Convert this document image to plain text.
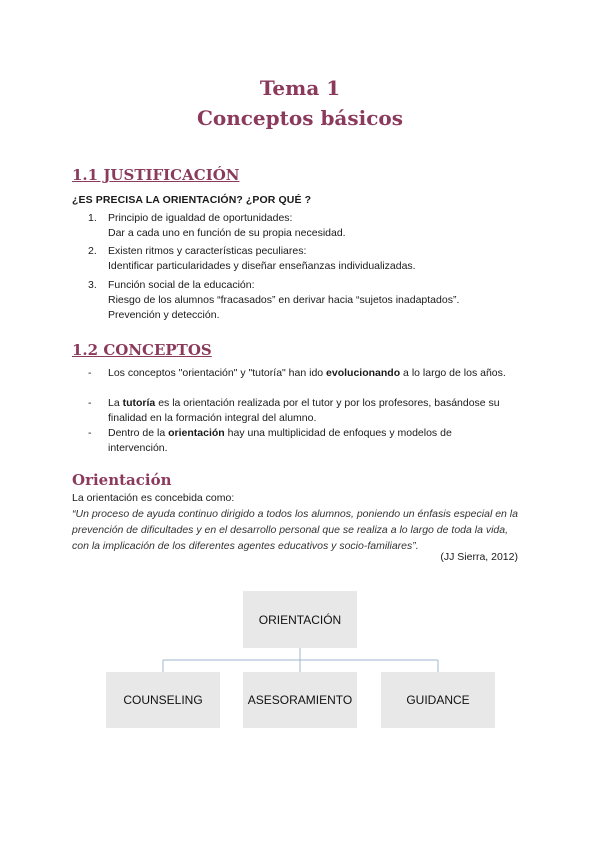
Tema 1
Conceptos básicos
1.1 JUSTIFICACIÓN
¿ES PRECISA LA ORIENTACIÓN? ¿POR QUÉ ?
1. Principio de igualdad de oportunidades:
Dar a cada uno en función de su propia necesidad.
2. Existen ritmos y características peculiares:
Identificar particularidades y diseñar enseñanzas individualizadas.
3. Función social de la educación:
Riesgo de los alumnos “fracasados” en derivar hacia “sujetos inadaptados”.
Prevención y detección.
1.2 CONCEPTOS
- Los conceptos "orientación" y "tutoría" han ido evolucionando a lo largo de los años.
- La tutoría es la orientación realizada por el tutor y por los profesores, basándose su finalidad en la formación integral del alumno.
- Dentro de la orientación hay una multiplicidad de enfoques y modelos de intervención.
Orientación
La orientación es concebida como:
“Un proceso de ayuda continuo dirigido a todos los alumnos, poniendo un énfasis especial en la prevención de dificultades y en el desarrollo personal que se realiza a lo largo de toda la vida, con la implicación de los diferentes agentes educativos y socio-familiares”.
(JJ Sierra, 2012)
ORIENTACIÓN
COUNSELING	ASESORAMIENTO	GUIDANCE
